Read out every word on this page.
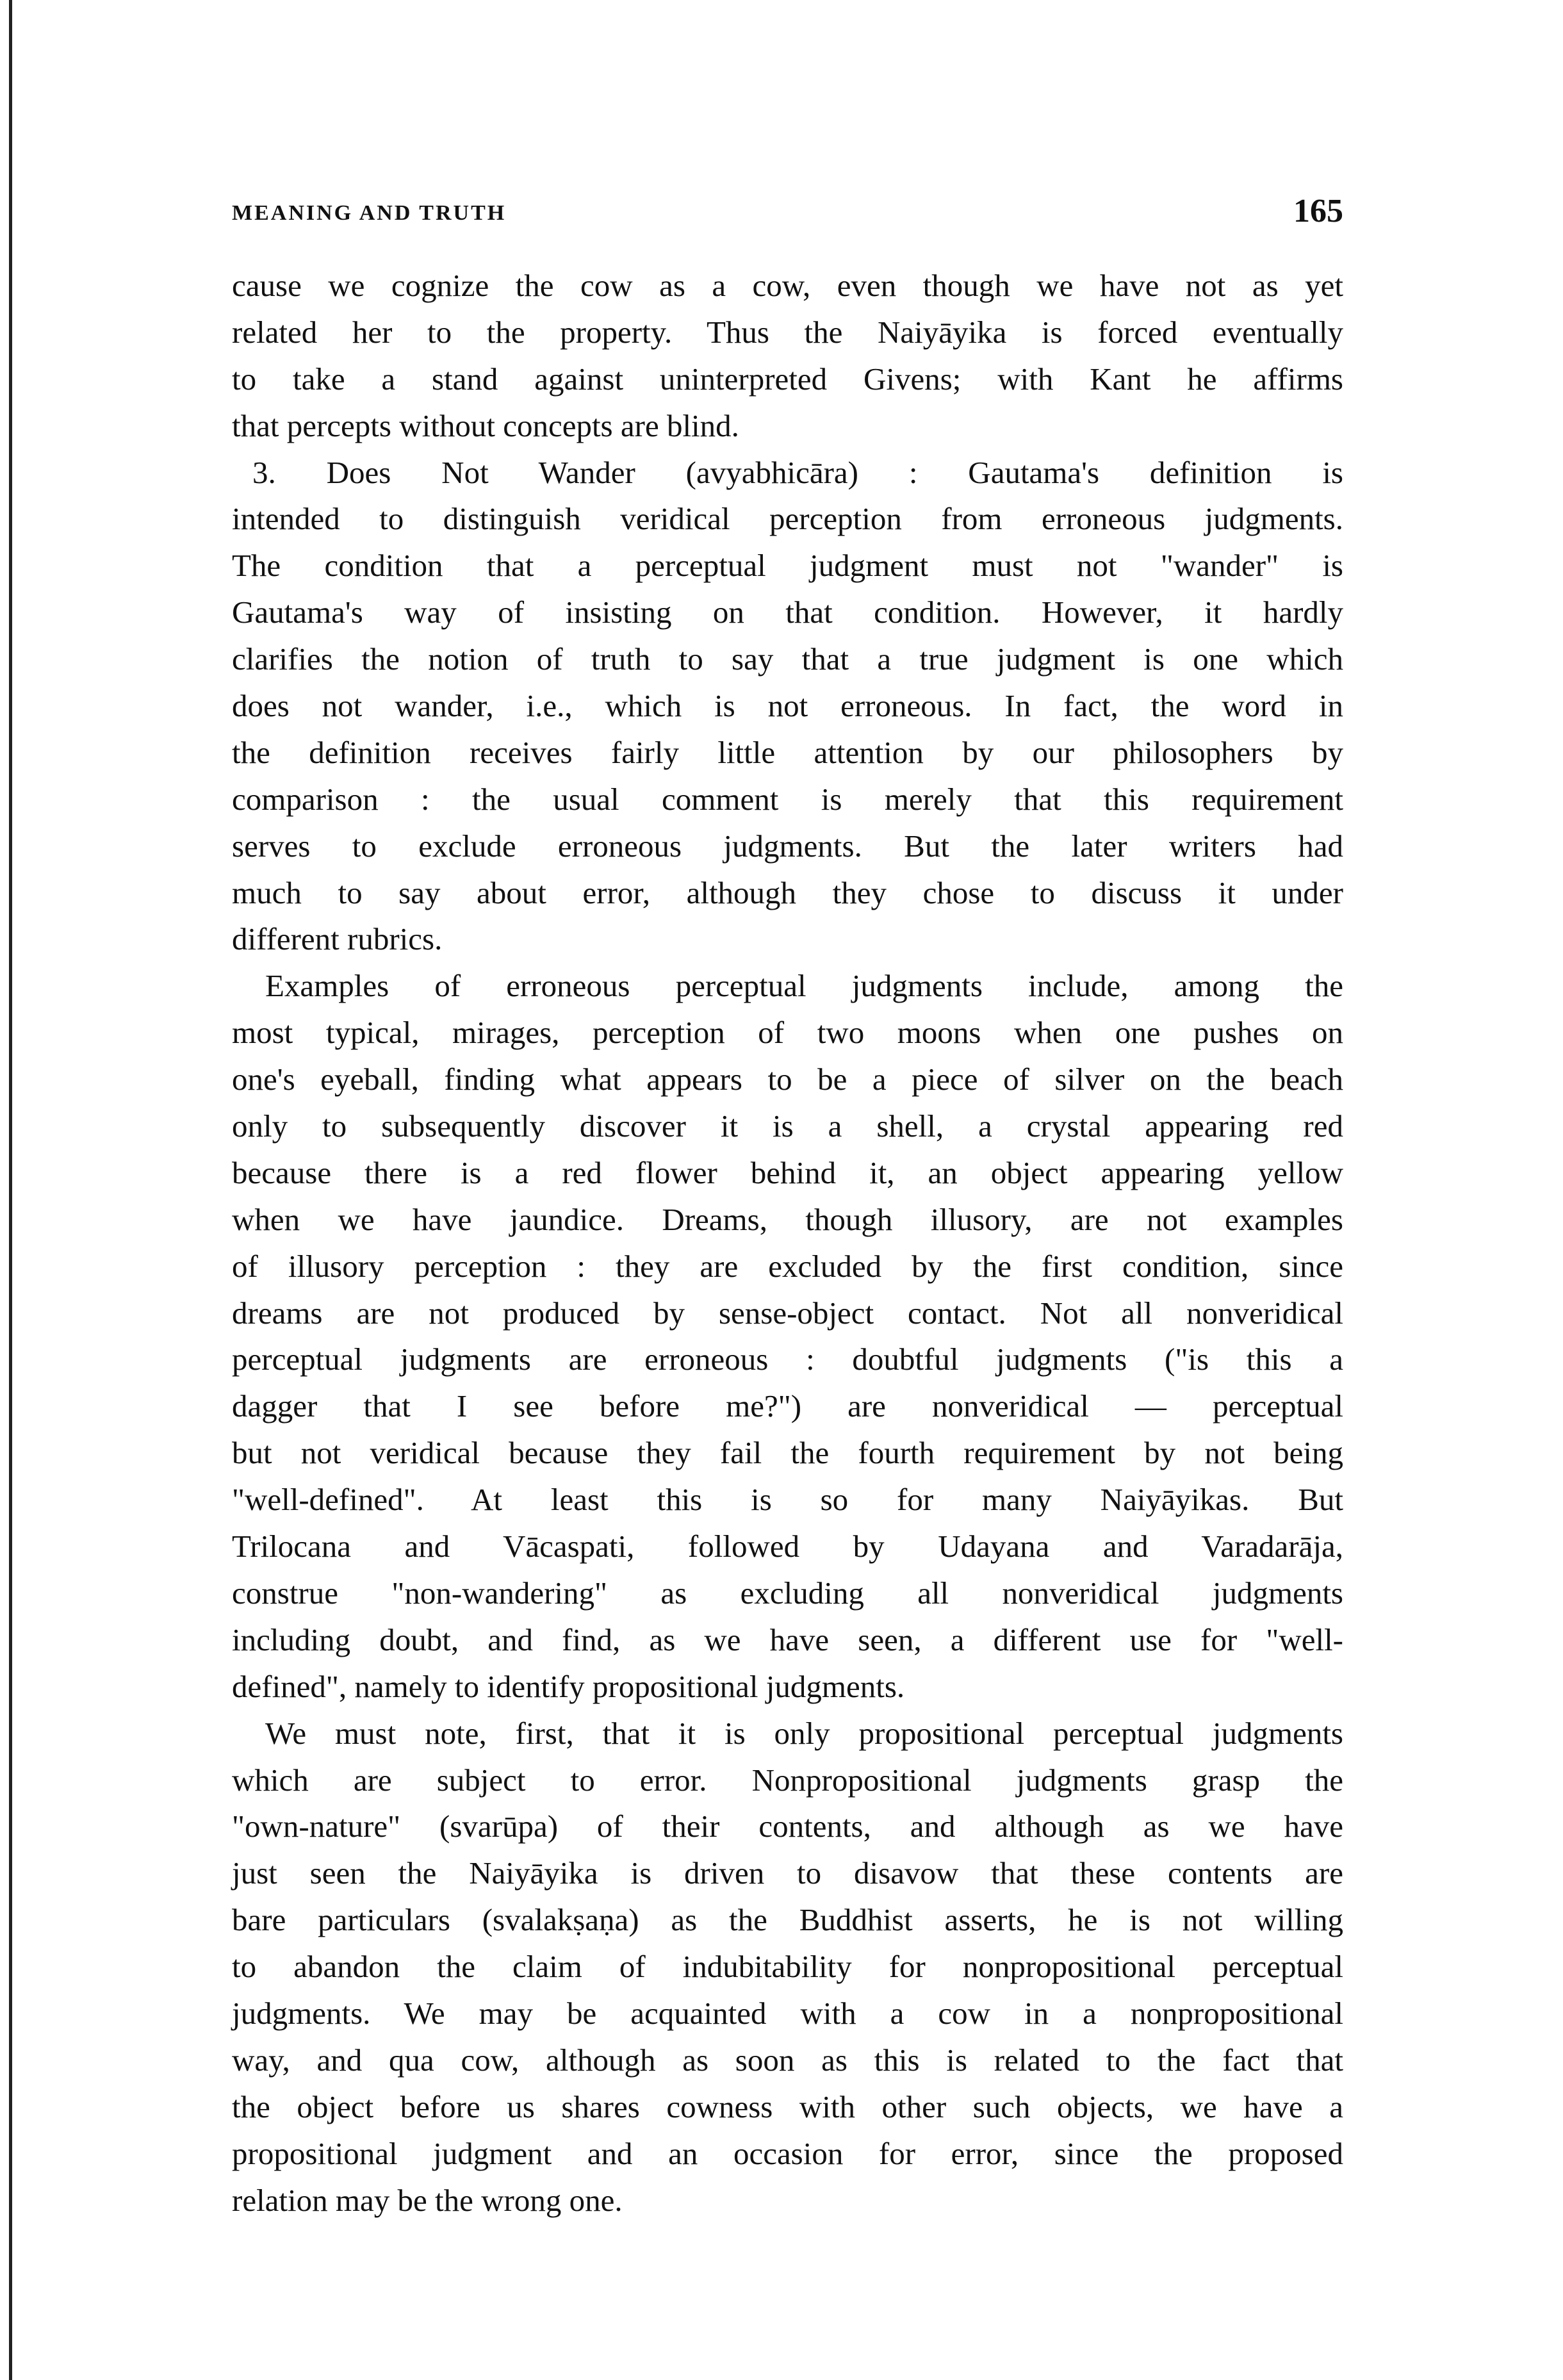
MEANING AND TRUTH	165
cause we cognize the cow as a cow, even though we have not as yet
related her to the property. Thus the Naiyāyika is forced eventually
to take a stand against uninterpreted Givens; with Kant he affirms
that percepts without concepts are blind.
3. Does Not Wander (avyabhicāra) : Gautama's definition is
intended to distinguish veridical perception from erroneous judgments.
The condition that a perceptual judgment must not "wander" is
Gautama's way of insisting on that condition. However, it hardly
clarifies the notion of truth to say that a true judgment is one which
does not wander, i.e., which is not erroneous. In fact, the word in
the definition receives fairly little attention by our philosophers by
comparison : the usual comment is merely that this requirement
serves to exclude erroneous judgments. But the later writers had
much to say about error, although they chose to discuss it under
different rubrics.
Examples of erroneous perceptual judgments include, among the
most typical, mirages, perception of two moons when one pushes on
one's eyeball, finding what appears to be a piece of silver on the beach
only to subsequently discover it is a shell, a crystal appearing red
because there is a red flower behind it, an object appearing yellow
when we have jaundice. Dreams, though illusory, are not examples
of illusory perception : they are excluded by the first condition, since
dreams are not produced by sense-object contact. Not all nonveridical
perceptual judgments are erroneous : doubtful judgments ("is this a
dagger that I see before me?") are nonveridical — perceptual
but not veridical because they fail the fourth requirement by not being
"well-defined". At least this is so for many Naiyāyikas. But
Trilocana and Vācaspati, followed by Udayana and Varadarāja,
construe "non-wandering" as excluding all nonveridical judgments
including doubt, and find, as we have seen, a different use for "well-
defined", namely to identify propositional judgments.
We must note, first, that it is only propositional perceptual judgments
which are subject to error. Nonpropositional judgments grasp the
"own-nature" (svarūpa) of their contents, and although as we have
just seen the Naiyāyika is driven to disavow that these contents are
bare particulars (svalakṣaṇa) as the Buddhist asserts, he is not willing
to abandon the claim of indubitability for nonpropositional perceptual
judgments. We may be acquainted with a cow in a nonpropositional
way, and qua cow, although as soon as this is related to the fact that
the object before us shares cowness with other such objects, we have a
propositional judgment and an occasion for error, since the proposed
relation may be the wrong one.
